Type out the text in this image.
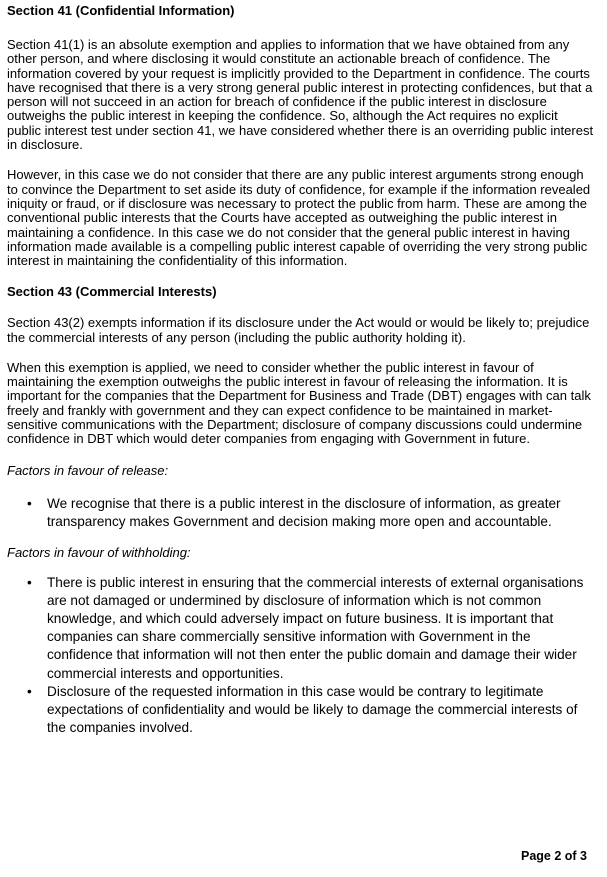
Section 41 (Confidential Information)

Section 41(1) is an absolute exemption and applies to information that we have obtained from any other person, and where disclosing it would constitute an actionable breach of confidence. The information covered by your request is implicitly provided to the Department in confidence. The courts have recognised that there is a very strong general public interest in protecting confidences, but that a person will not succeed in an action for breach of confidence if the public interest in disclosure outweighs the public interest in keeping the confidence. So, although the Act requires no explicit public interest test under section 41, we have considered whether there is an overriding public interest in disclosure.

However, in this case we do not consider that there are any public interest arguments strong enough to convince the Department to set aside its duty of confidence, for example if the information revealed iniquity or fraud, or if disclosure was necessary to protect the public from harm. These are among the conventional public interests that the Courts have accepted as outweighing the public interest in maintaining a confidence. In this case we do not consider that the general public interest in having information made available is a compelling public interest capable of overriding the very strong public interest in maintaining the confidentiality of this information.

Section 43 (Commercial Interests)

Section 43(2) exempts information if its disclosure under the Act would or would be likely to; prejudice the commercial interests of any person (including the public authority holding it).

When this exemption is applied, we need to consider whether the public interest in favour of maintaining the exemption outweighs the public interest in favour of releasing the information. It is important for the companies that the Department for Business and Trade (DBT) engages with can talk freely and frankly with government and they can expect confidence to be maintained in market-sensitive communications with the Department; disclosure of company discussions could undermine confidence in DBT which would deter companies from engaging with Government in future.

Factors in favour of release:

• We recognise that there is a public interest in the disclosure of information, as greater transparency makes Government and decision making more open and accountable.

Factors in favour of withholding:

• There is public interest in ensuring that the commercial interests of external organisations are not damaged or undermined by disclosure of information which is not common knowledge, and which could adversely impact on future business. It is important that companies can share commercially sensitive information with Government in the confidence that information will not then enter the public domain and damage their wider commercial interests and opportunities.
• Disclosure of the requested information in this case would be contrary to legitimate expectations of confidentiality and would be likely to damage the commercial interests of the companies involved.
Page 2 of 3
